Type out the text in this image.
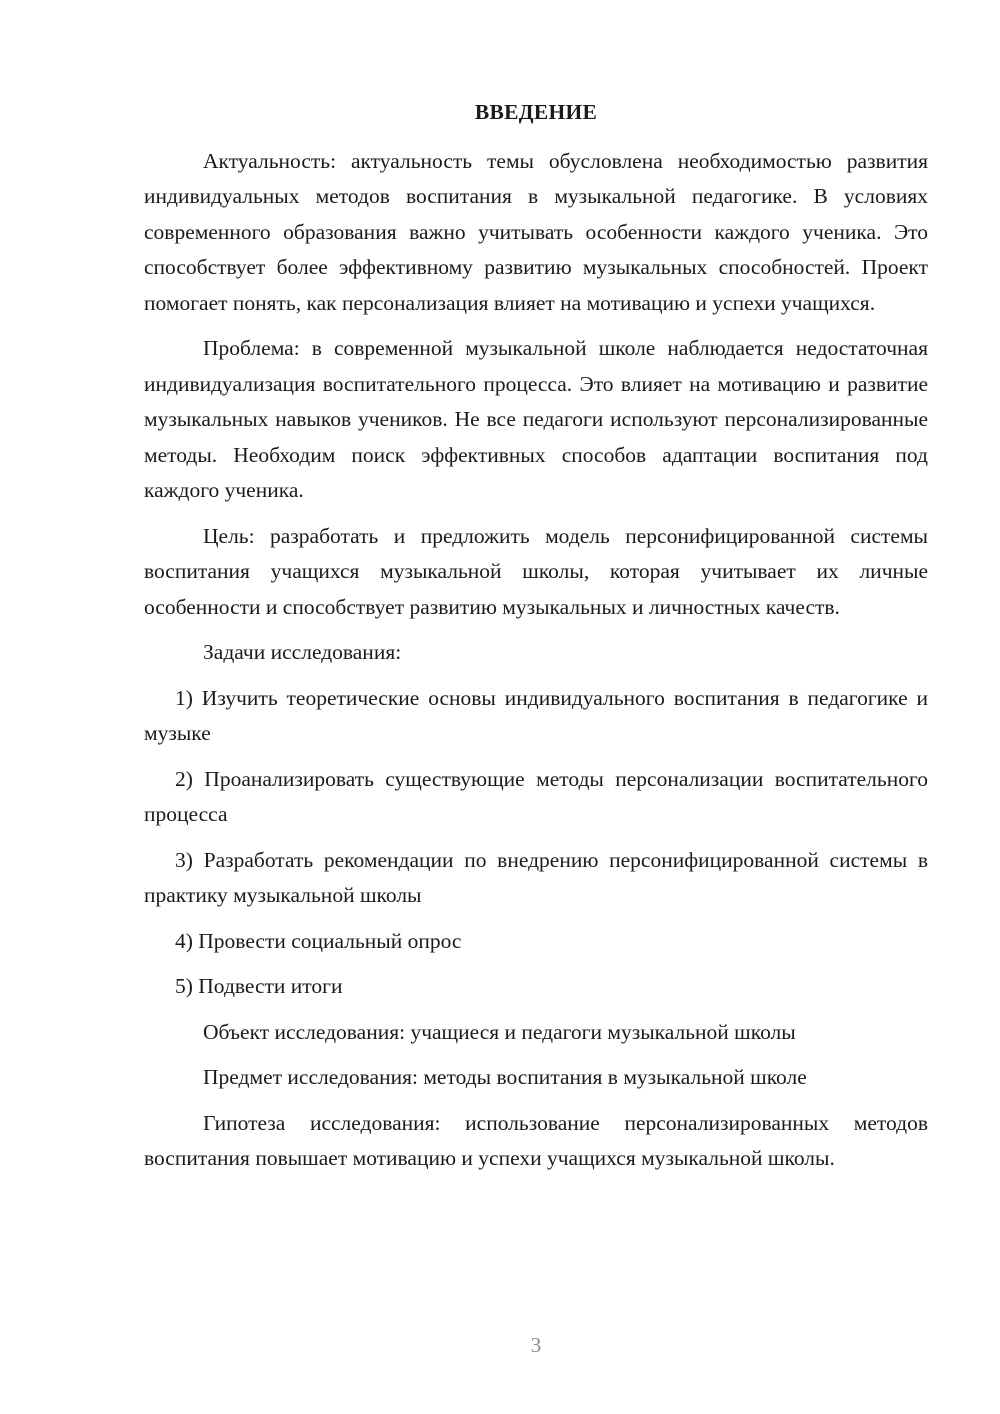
ВВЕДЕНИЕ

Актуальность: актуальность темы обусловлена необходимостью развития индивидуальных методов воспитания в музыкальной педагогике. В условиях современного образования важно учитывать особенности каждого ученика. Это способствует более эффективному развитию музыкальных способностей. Проект помогает понять, как персонализация влияет на мотивацию и успехи учащихся.

Проблема: в современной музыкальной школе наблюдается недостаточная индивидуализация воспитательного процесса. Это влияет на мотивацию и развитие музыкальных навыков учеников. Не все педагоги используют персонализированные методы. Необходим поиск эффективных способов адаптации воспитания под каждого ученика.

Цель: разработать и предложить модель персонифицированной системы воспитания учащихся музыкальной школы, которая учитывает их личные особенности и способствует развитию музыкальных и личностных качеств.

Задачи исследования:

1) Изучить теоретические основы индивидуального воспитания в педагогике и музыке

2) Проанализировать существующие методы персонализации воспитательного процесса

3) Разработать рекомендации по внедрению персонифицированной системы в практику музыкальной школы

4) Провести социальный опрос

5) Подвести итоги

Объект исследования: учащиеся и педагоги музыкальной школы

Предмет исследования: методы воспитания в музыкальной школе

Гипотеза исследования: использование персонализированных методов воспитания повышает мотивацию и успехи учащихся музыкальной школы.

3
